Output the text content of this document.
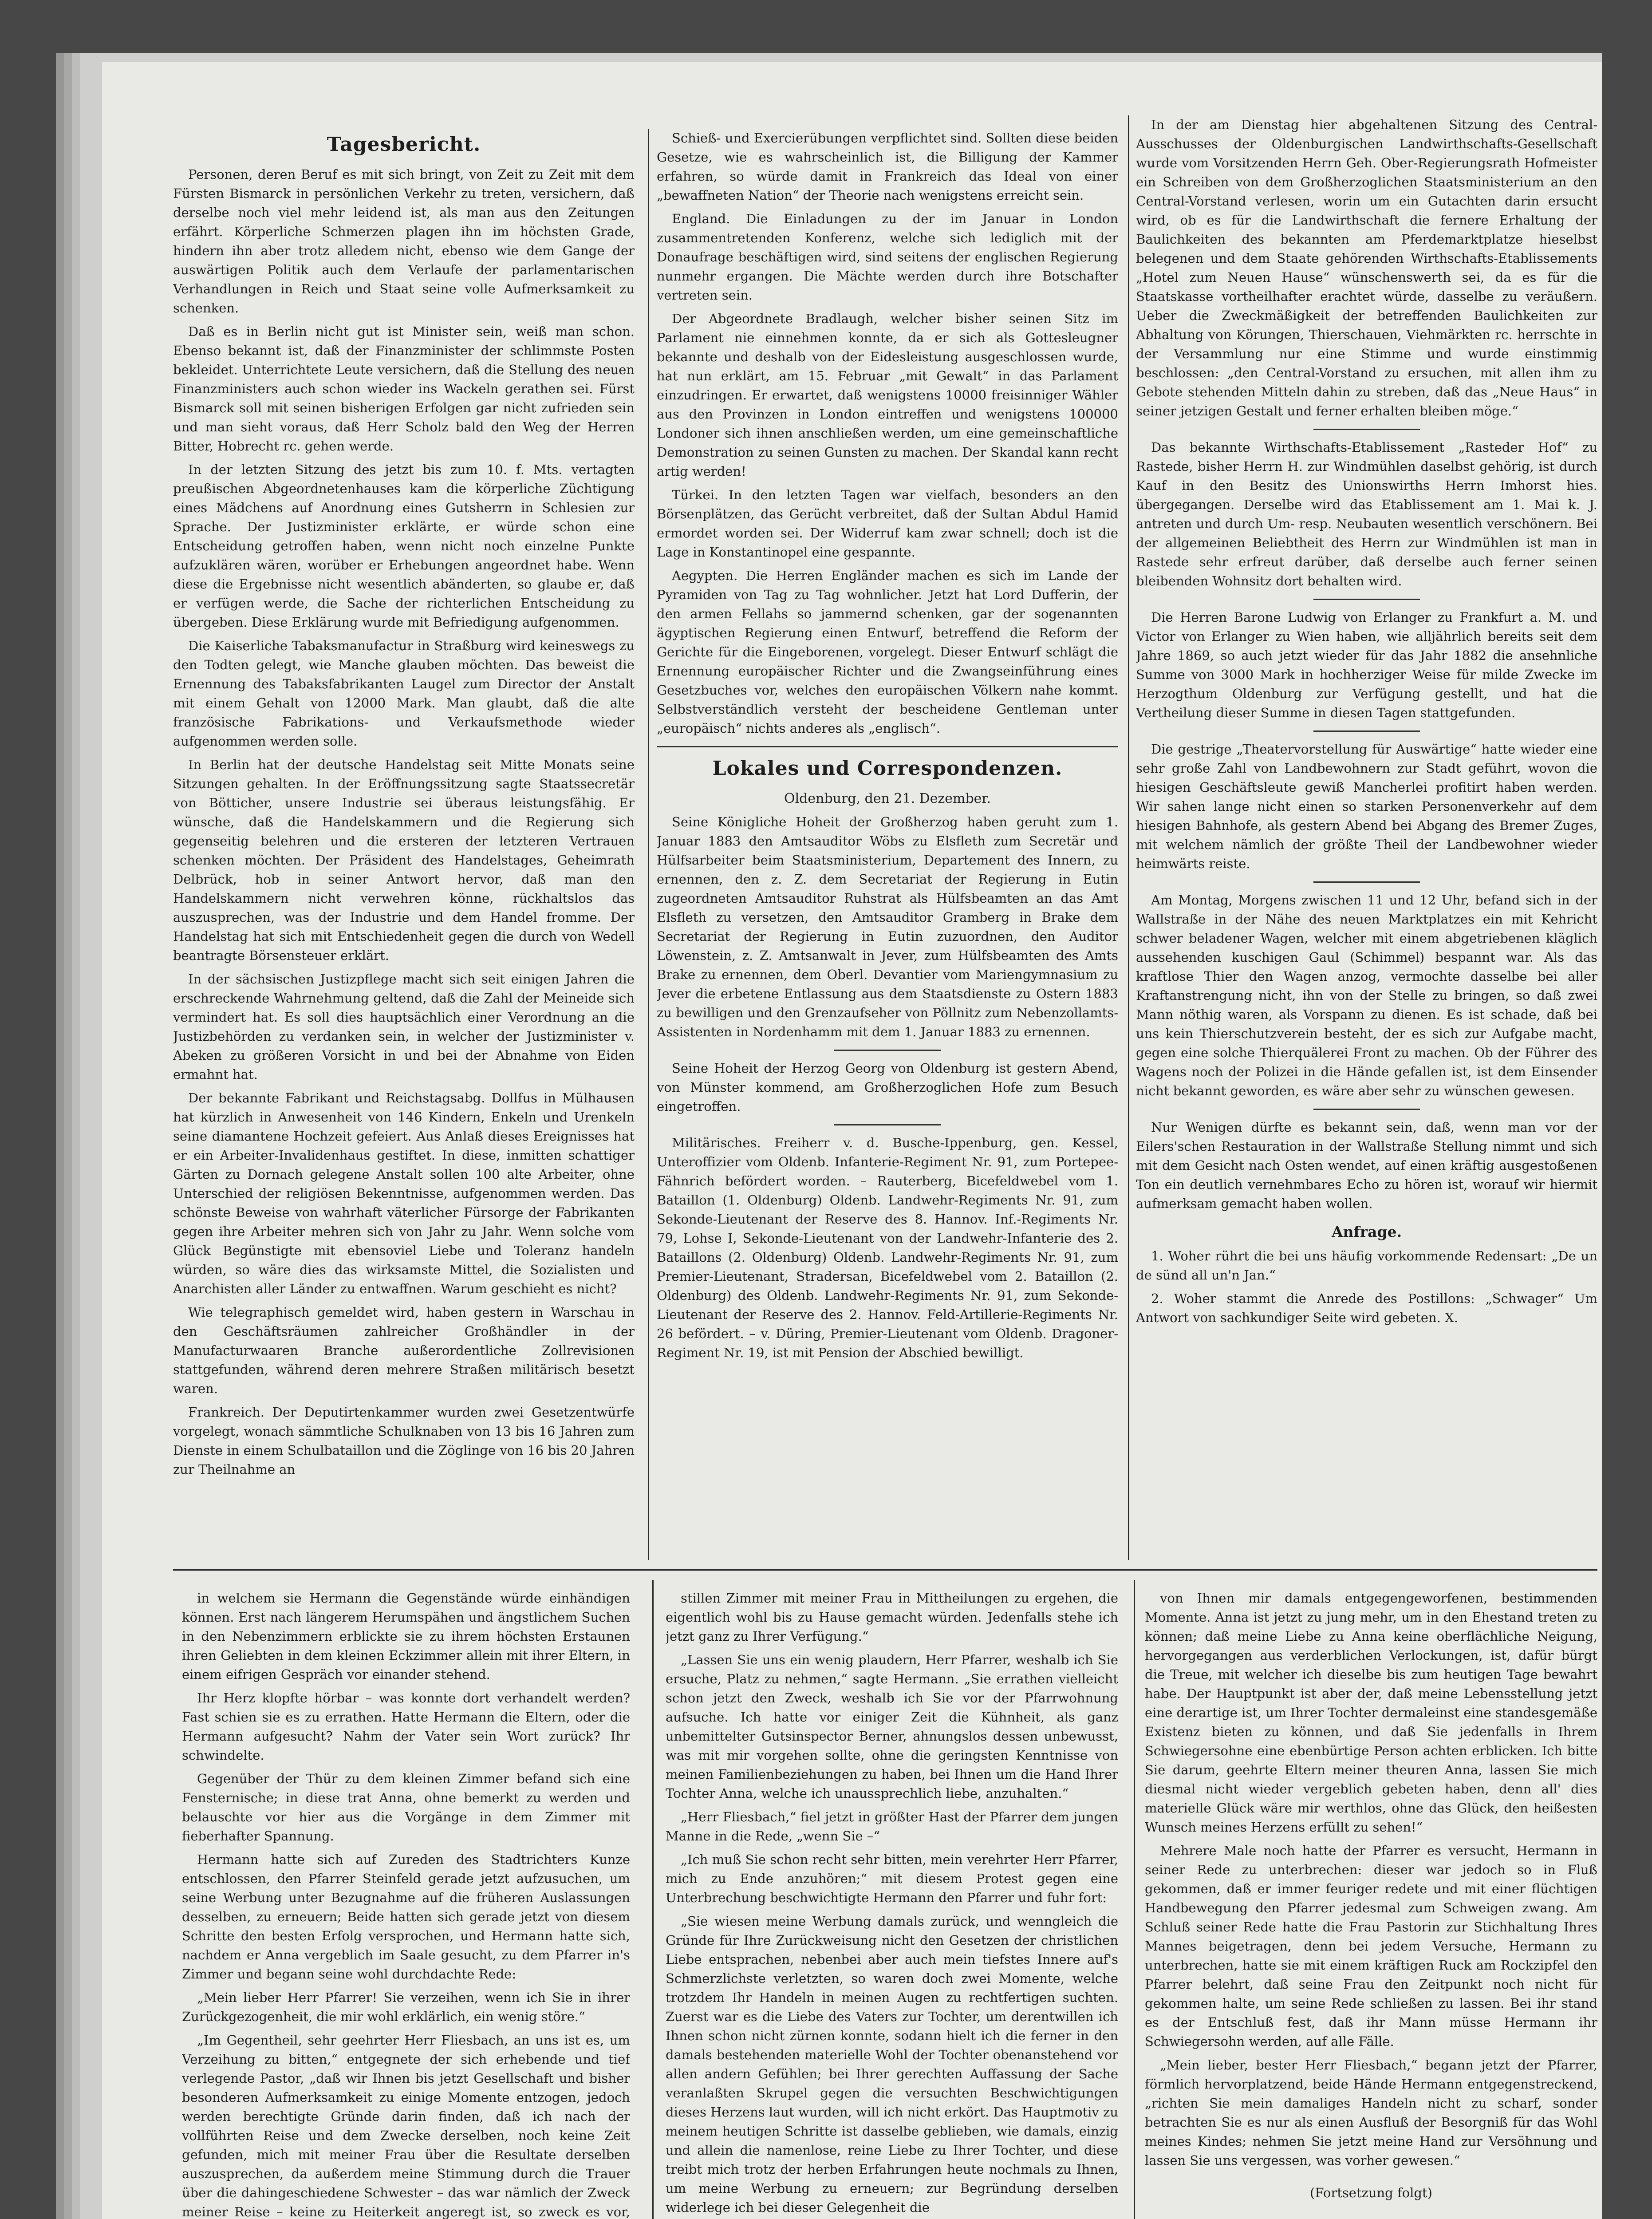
Tagesbericht.

Personen, deren Beruf es mit sich bringt, von Zeit zu Zeit mit dem Fürsten Bismarck in persönlichen Verkehr zu treten, versichern, daß derselbe noch viel mehr leidend ist, als man aus den Zeitungen erfährt. Körperliche Schmerzen plagen ihn im höchsten Grade, hindern ihn aber trotz alledem nicht, ebenso wie dem Gange der auswärtigen Politik auch dem Verlaufe der parlamentarischen Verhandlungen in Reich und Staat seine volle Aufmerksamkeit zu schenken.

Daß es in Berlin nicht gut ist Minister sein, weiß man schon. Ebenso bekannt ist, daß der Finanzminister der schlimmste Posten bekleidet. Unterrichtete Leute versichern, daß die Stellung des neuen Finanzministers auch schon wieder ins Wackeln gerathen sei. Fürst Bismarck soll mit seinen bisherigen Erfolgen gar nicht zufrieden sein und man sieht voraus, daß Herr Scholz bald den Weg der Herren Bitter, Hobrecht rc. gehen werde.

In der letzten Sitzung des jetzt bis zum 10. f. Mts. vertagten preußischen Abgeordnetenhauses kam die körperliche Züchtigung eines Mädchens auf Anordnung eines Gutsherrn in Schlesien zur Sprache. Der Justizminister erklärte, er würde schon eine Entscheidung getroffen haben, wenn nicht noch einzelne Punkte aufzuklären wären, worüber er Erhebungen angeordnet habe. Wenn diese die Ergebnisse nicht wesentlich abänderten, so glaube er, daß er verfügen werde, die Sache der richterlichen Entscheidung zu übergeben. Diese Erklärung wurde mit Befriedigung aufgenommen.

Die Kaiserliche Tabaksmanufactur in Straßburg wird keineswegs zu den Todten gelegt, wie Manche glauben möchten. Das beweist die Ernennung des Tabaksfabrikanten Laugel zum Director der Anstalt mit einem Gehalt von 12000 Mark. Man glaubt, daß die alte französische Fabrikations- und Verkaufsmethode wieder aufgenommen werden solle.

In Berlin hat der deutsche Handelstag seit Mitte Monats seine Sitzungen gehalten. In der Eröffnungssitzung sagte Staatssecretär von Bötticher, unsere Industrie sei überaus leistungsfähig. Er wünsche, daß die Handelskammern und die Regierung sich gegenseitig belehren und die ersteren der letzteren Vertrauen schenken möchten. Der Präsident des Handelstages, Geheimrath Delbrück, hob in seiner Antwort hervor, daß man den Handelskammern nicht verwehren könne, rückhaltslos das auszusprechen, was der Industrie und dem Handel fromme. Der Handelstag hat sich mit Entschiedenheit gegen die durch von Wedell beantragte Börsensteuer erklärt.

In der sächsischen Justizpflege macht sich seit einigen Jahren die erschreckende Wahrnehmung geltend, daß die Zahl der Meineide sich vermindert hat. Es soll dies hauptsächlich einer Verordnung an die Justizbehörden zu verdanken sein, in welcher der Justizminister v. Abeken zu größeren Vorsicht in und bei der Abnahme von Eiden ermahnt hat.

Der bekannte Fabrikant und Reichstagsabg. Dollfus in Mülhausen hat kürzlich in Anwesenheit von 146 Kindern, Enkeln und Urenkeln seine diamantene Hochzeit gefeiert. Aus Anlaß dieses Ereignisses hat er ein Arbeiter-Invalidenhaus gestiftet. In diese, inmitten schattiger Gärten zu Dornach gelegene Anstalt sollen 100 alte Arbeiter, ohne Unterschied der religiösen Bekenntnisse, aufgenommen werden. Das schönste Beweise von wahrhaft väterlicher Fürsorge der Fabrikanten gegen ihre Arbeiter mehren sich von Jahr zu Jahr. Wenn solche vom Glück Begünstigte mit ebensoviel Liebe und Toleranz handeln würden, so wäre dies das wirksamste Mittel, die Sozialisten und Anarchisten aller Länder zu entwaffnen. Warum geschieht es nicht?

Wie telegraphisch gemeldet wird, haben gestern in Warschau in den Geschäftsräumen zahlreicher Großhändler in der Manufacturwaaren Branche außerordentliche Zollrevisionen stattgefunden, während deren mehrere Straßen militärisch besetzt waren.

Frankreich. Der Deputirtenkammer wurden zwei Gesetzentwürfe vorgelegt, wonach sämmtliche Schulknaben von 13 bis 16 Jahren zum Dienste in einem Schulbataillon und die Zöglinge von 16 bis 20 Jahren zur Theilnahme an

Schieß- und Exercierübungen verpflichtet sind. Sollten diese beiden Gesetze, wie es wahrscheinlich ist, die Billigung der Kammer erfahren, so würde damit in Frankreich das Ideal von einer „bewaffneten Nation“ der Theorie nach wenigstens erreicht sein.

England. Die Einladungen zu der im Januar in London zusammentretenden Konferenz, welche sich lediglich mit der Donaufrage beschäftigen wird, sind seitens der englischen Regierung nunmehr ergangen. Die Mächte werden durch ihre Botschafter vertreten sein.

Der Abgeordnete Bradlaugh, welcher bisher seinen Sitz im Parlament nie einnehmen konnte, da er sich als Gottesleugner bekannte und deshalb von der Eidesleistung ausgeschlossen wurde, hat nun erklärt, am 15. Februar „mit Gewalt“ in das Parlament einzudringen. Er erwartet, daß wenigstens 10000 freisinniger Wähler aus den Provinzen in London eintreffen und wenigstens 100000 Londoner sich ihnen anschließen werden, um eine gemeinschaftliche Demonstration zu seinen Gunsten zu machen. Der Skandal kann recht artig werden!

Türkei. In den letzten Tagen war vielfach, besonders an den Börsenplätzen, das Gerücht verbreitet, daß der Sultan Abdul Hamid ermordet worden sei. Der Widerruf kam zwar schnell; doch ist die Lage in Konstantinopel eine gespannte.

Aegypten. Die Herren Engländer machen es sich im Lande der Pyramiden von Tag zu Tag wohnlicher. Jetzt hat Lord Dufferin, der den armen Fellahs so jammernd schenken, gar der sogenannten ägyptischen Regierung einen Entwurf, betreffend die Reform der Gerichte für die Eingeborenen, vorgelegt. Dieser Entwurf schlägt die Ernennung europäischer Richter und die Zwangseinführung eines Gesetzbuches vor, welches den europäischen Völkern nahe kommt. Selbstverständlich versteht der bescheidene Gentleman unter „europäisch“ nichts anderes als „englisch“.

Lokales und Correspondenzen.
Oldenburg, den 21. Dezember.

Seine Königliche Hoheit der Großherzog haben geruht zum 1. Januar 1883 den Amtsauditor Wöbs zu Elsfleth zum Secretär und Hülfsarbeiter beim Staatsministerium, Departement des Innern, zu ernennen, den z. Z. dem Secretariat der Regierung in Eutin zugeordneten Amtsauditor Ruhstrat als Hülfsbeamten an das Amt Elsfleth zu versetzen, den Amtsauditor Gramberg in Brake dem Secretariat der Regierung in Eutin zuzuordnen, den Auditor Löwenstein, z. Z. Amtsanwalt in Jever, zum Hülfsbeamten des Amts Brake zu ernennen, dem Oberl. Devantier vom Mariengymnasium zu Jever die erbetene Entlassung aus dem Staatsdienste zu Ostern 1883 zu bewilligen und den Grenzaufseher von Pöllnitz zum Nebenzollamts-Assistenten in Nordenhamm mit dem 1. Januar 1883 zu ernennen.

Seine Hoheit der Herzog Georg von Oldenburg ist gestern Abend, von Münster kommend, am Großherzoglichen Hofe zum Besuch eingetroffen.

Militärisches. Freiherr v. d. Busche-Ippenburg, gen. Kessel, Unteroffizier vom Oldenb. Infanterie-Regiment Nr. 91, zum Portepee-Fähnrich befördert worden. – Rauterberg, Bicefeldwebel vom 1. Bataillon (1. Oldenburg) Oldenb. Landwehr-Regiments Nr. 91, zum Sekonde-Lieutenant der Reserve des 8. Hannov. Inf.-Regiments Nr. 79, Lohse I, Sekonde-Lieutenant von der Landwehr-Infanterie des 2. Bataillons (2. Oldenburg) Oldenb. Landwehr-Regiments Nr. 91, zum Premier-Lieutenant, Stradersan, Bicefeldwebel vom 2. Bataillon (2. Oldenburg) des Oldenb. Landwehr-Regiments Nr. 91, zum Sekonde-Lieutenant der Reserve des 2. Hannov. Feld-Artillerie-Regiments Nr. 26 befördert. – v. Düring, Premier-Lieutenant vom Oldenb. Dragoner-Regiment Nr. 19, ist mit Pension der Abschied bewilligt.

In der am Dienstag hier abgehaltenen Sitzung des Central-Ausschusses der Oldenburgischen Landwirthschafts-Gesellschaft wurde vom Vorsitzenden Herrn Geh. Ober-Regierungsrath Hofmeister ein Schreiben von dem Großherzoglichen Staatsministerium an den Central-Vorstand verlesen, worin um ein Gutachten darin ersucht wird, ob es für die Landwirthschaft die fernere Erhaltung der Baulichkeiten des bekannten am Pferdemarktplatze hieselbst belegenen und dem Staate gehörenden Wirthschafts-Etablissements „Hotel zum Neuen Hause“ wünschenswerth sei, da es für die Staatskasse vortheilhafter erachtet würde, dasselbe zu veräußern. Ueber die Zweckmäßigkeit der betreffenden Baulichkeiten zur Abhaltung von Körungen, Thierschauen, Viehmärkten rc. herrschte in der Versammlung nur eine Stimme und wurde einstimmig beschlossen: „den Central-Vorstand zu ersuchen, mit allen ihm zu Gebote stehenden Mitteln dahin zu streben, daß das „Neue Haus“ in seiner jetzigen Gestalt und ferner erhalten bleiben möge.“

Das bekannte Wirthschafts-Etablissement „Rasteder Hof“ zu Rastede, bisher Herrn H. zur Windmühlen daselbst gehörig, ist durch Kauf in den Besitz des Unionswirths Herrn Imhorst hies. übergegangen. Derselbe wird das Etablissement am 1. Mai k. J. antreten und durch Um- resp. Neubauten wesentlich verschönern. Bei der allgemeinen Beliebtheit des Herrn zur Windmühlen ist man in Rastede sehr erfreut darüber, daß derselbe auch ferner seinen bleibenden Wohnsitz dort behalten wird.

Die Herren Barone Ludwig von Erlanger zu Frankfurt a. M. und Victor von Erlanger zu Wien haben, wie alljährlich bereits seit dem Jahre 1869, so auch jetzt wieder für das Jahr 1882 die ansehnliche Summe von 3000 Mark in hochherziger Weise für milde Zwecke im Herzogthum Oldenburg zur Verfügung gestellt, und hat die Vertheilung dieser Summe in diesen Tagen stattgefunden.

Die gestrige „Theatervorstellung für Auswärtige“ hatte wieder eine sehr große Zahl von Landbewohnern zur Stadt geführt, wovon die hiesigen Geschäftsleute gewiß Mancherlei profitirt haben werden. Wir sahen lange nicht einen so starken Personenverkehr auf dem hiesigen Bahnhofe, als gestern Abend bei Abgang des Bremer Zuges, mit welchem nämlich der größte Theil der Landbewohner wieder heimwärts reiste.

Am Montag, Morgens zwischen 11 und 12 Uhr, befand sich in der Wallstraße in der Nähe des neuen Marktplatzes ein mit Kehricht schwer beladener Wagen, welcher mit einem abgetriebenen kläglich aussehenden kuschigen Gaul (Schimmel) bespannt war. Als das kraftlose Thier den Wagen anzog, vermochte dasselbe bei aller Kraftanstrengung nicht, ihn von der Stelle zu bringen, so daß zwei Mann nöthig waren, als Vorspann zu dienen. Es ist schade, daß bei uns kein Thierschutzverein besteht, der es sich zur Aufgabe macht, gegen eine solche Thierquälerei Front zu machen. Ob der Führer des Wagens noch der Polizei in die Hände gefallen ist, ist dem Einsender nicht bekannt geworden, es wäre aber sehr zu wünschen gewesen.

Nur Wenigen dürfte es bekannt sein, daß, wenn man vor der Eilers'schen Restauration in der Wallstraße Stellung nimmt und sich mit dem Gesicht nach Osten wendet, auf einen kräftig ausgestoßenen Ton ein deutlich vernehmbares Echo zu hören ist, worauf wir hiermit aufmerksam gemacht haben wollen.

Anfrage.

1. Woher rührt die bei uns häufig vorkommende Redensart: „De un de sünd all un'n Jan.“

2. Woher stammt die Anrede des Postillons: „Schwager“ Um Antwort von sachkundiger Seite wird gebeten. X.

in welchem sie Hermann die Gegenstände würde einhändigen können. Erst nach längerem Herumspähen und ängstlichem Suchen in den Nebenzimmern erblickte sie zu ihrem höchsten Erstaunen ihren Geliebten in dem kleinen Eckzimmer allein mit ihrer Eltern, in einem eifrigen Gespräch vor einander stehend.

Ihr Herz klopfte hörbar – was konnte dort verhandelt werden? Fast schien sie es zu errathen. Hatte Hermann die Eltern, oder die Hermann aufgesucht? Nahm der Vater sein Wort zurück? Ihr schwindelte.

Gegenüber der Thür zu dem kleinen Zimmer befand sich eine Fensternische; in diese trat Anna, ohne bemerkt zu werden und belauschte vor hier aus die Vorgänge in dem Zimmer mit fieberhafter Spannung.

Hermann hatte sich auf Zureden des Stadtrichters Kunze entschlossen, den Pfarrer Steinfeld gerade jetzt aufzusuchen, um seine Werbung unter Bezugnahme auf die früheren Auslassungen desselben, zu erneuern; Beide hatten sich gerade jetzt von diesem Schritte den besten Erfolg versprochen, und Hermann hatte sich, nachdem er Anna vergeblich im Saale gesucht, zu dem Pfarrer in's Zimmer und begann seine wohl durchdachte Rede:

„Mein lieber Herr Pfarrer! Sie verzeihen, wenn ich Sie in ihrer Zurückgezogenheit, die mir wohl erklärlich, ein wenig störe.“

„Im Gegentheil, sehr geehrter Herr Fliesbach, an uns ist es, um Verzeihung zu bitten,“ entgegnete der sich erhebende und tief verlegende Pastor, „daß wir Ihnen bis jetzt Gesellschaft und bisher besonderen Aufmerksamkeit zu einige Momente entzogen, jedoch werden berechtigte Gründe darin finden, daß ich nach der vollführten Reise und dem Zwecke derselben, noch keine Zeit gefunden, mich mit meiner Frau über die Resultate derselben auszusprechen, da außerdem meine Stimmung durch die Trauer über die dahingeschiedene Schwester – das war nämlich der Zweck meiner Reise – keine zu Heiterkeit angeregt ist, so zweck es vor,

stillen Zimmer mit meiner Frau in Mittheilungen zu ergehen, die eigentlich wohl bis zu Hause gemacht würden. Jedenfalls stehe ich jetzt ganz zu Ihrer Verfügung.“

„Lassen Sie uns ein wenig plaudern, Herr Pfarrer, weshalb ich Sie ersuche, Platz zu nehmen,“ sagte Hermann. „Sie errathen vielleicht schon jetzt den Zweck, weshalb ich Sie vor der Pfarrwohnung aufsuche. Ich hatte vor einiger Zeit die Kühnheit, als ganz unbemittelter Gutsinspector Berner, ahnungslos dessen unbewusst, was mit mir vorgehen sollte, ohne die geringsten Kenntnisse von meinen Familienbeziehungen zu haben, bei Ihnen um die Hand Ihrer Tochter Anna, welche ich unaussprechlich liebe, anzuhalten.“

„Herr Fliesbach,“ fiel jetzt in größter Hast der Pfarrer dem jungen Manne in die Rede, „wenn Sie –“

„Ich muß Sie schon recht sehr bitten, mein verehrter Herr Pfarrer, mich zu Ende anzuhören;“ mit diesem Protest gegen eine Unterbrechung beschwichtigte Hermann den Pfarrer und fuhr fort:

„Sie wiesen meine Werbung damals zurück, und wenngleich die Gründe für Ihre Zurückweisung nicht den Gesetzen der christlichen Liebe entsprachen, nebenbei aber auch mein tiefstes Innere auf's Schmerzlichste verletzten, so waren doch zwei Momente, welche trotzdem Ihr Handeln in meinen Augen zu rechtfertigen suchten. Zuerst war es die Liebe des Vaters zur Tochter, um derentwillen ich Ihnen schon nicht zürnen konnte, sodann hielt ich die ferner in den damals bestehenden materielle Wohl der Tochter obenanstehend vor allen andern Gefühlen; bei Ihrer gerechten Auffassung der Sache veranlaßten Skrupel gegen die versuchten Beschwichtigungen dieses Herzens laut wurden, will ich nicht erkört. Das Hauptmotiv zu meinem heutigen Schritte ist dasselbe geblieben, wie damals, einzig und allein die namenlose, reine Liebe zu Ihrer Tochter, und diese treibt mich trotz der herben Erfahrungen heute nochmals zu Ihnen, um meine Werbung zu erneuern; zur Begründung derselben widerlege ich bei dieser Gelegenheit die

von Ihnen mir damals entgegengeworfenen, bestimmenden Momente. Anna ist jetzt zu jung mehr, um in den Ehestand treten zu können; daß meine Liebe zu Anna keine oberflächliche Neigung, hervorgegangen aus verderblichen Verlockungen, ist, dafür bürgt die Treue, mit welcher ich dieselbe bis zum heutigen Tage bewahrt habe. Der Hauptpunkt ist aber der, daß meine Lebensstellung jetzt eine derartige ist, um Ihrer Tochter dermaleinst eine standesgemäße Existenz bieten zu können, und daß Sie jedenfalls in Ihrem Schwiegersohne eine ebenbürtige Person achten erblicken. Ich bitte Sie darum, geehrte Eltern meiner theuren Anna, lassen Sie mich diesmal nicht wieder vergeblich gebeten haben, denn all' dies materielle Glück wäre mir werthlos, ohne das Glück, den heißesten Wunsch meines Herzens erfüllt zu sehen!“

Mehrere Male noch hatte der Pfarrer es versucht, Hermann in seiner Rede zu unterbrechen: dieser war jedoch so in Fluß gekommen, daß er immer feuriger redete und mit einer flüchtigen Handbewegung den Pfarrer jedesmal zum Schweigen zwang. Am Schluß seiner Rede hatte die Frau Pastorin zur Stichhaltung Ihres Mannes beigetragen, denn bei jedem Versuche, Hermann zu unterbrechen, hatte sie mit einem kräftigen Ruck am Rockzipfel den Pfarrer belehrt, daß seine Frau den Zeitpunkt noch nicht für gekommen halte, um seine Rede schließen zu lassen. Bei ihr stand es der Entschluß fest, daß ihr Mann müsse Hermann ihr Schwiegersohn werden, auf alle Fälle.

„Mein lieber, bester Herr Fliesbach,“ begann jetzt der Pfarrer, förmlich hervorplatzend, beide Hände Hermann entgegenstreckend, „richten Sie mein damaliges Handeln nicht zu scharf, sonder betrachten Sie es nur als einen Ausfluß der Besorgniß für das Wohl meines Kindes; nehmen Sie jetzt meine Hand zur Versöhnung und lassen Sie uns vergessen, was vorher gewesen.“

(Fortsetzung folgt)
